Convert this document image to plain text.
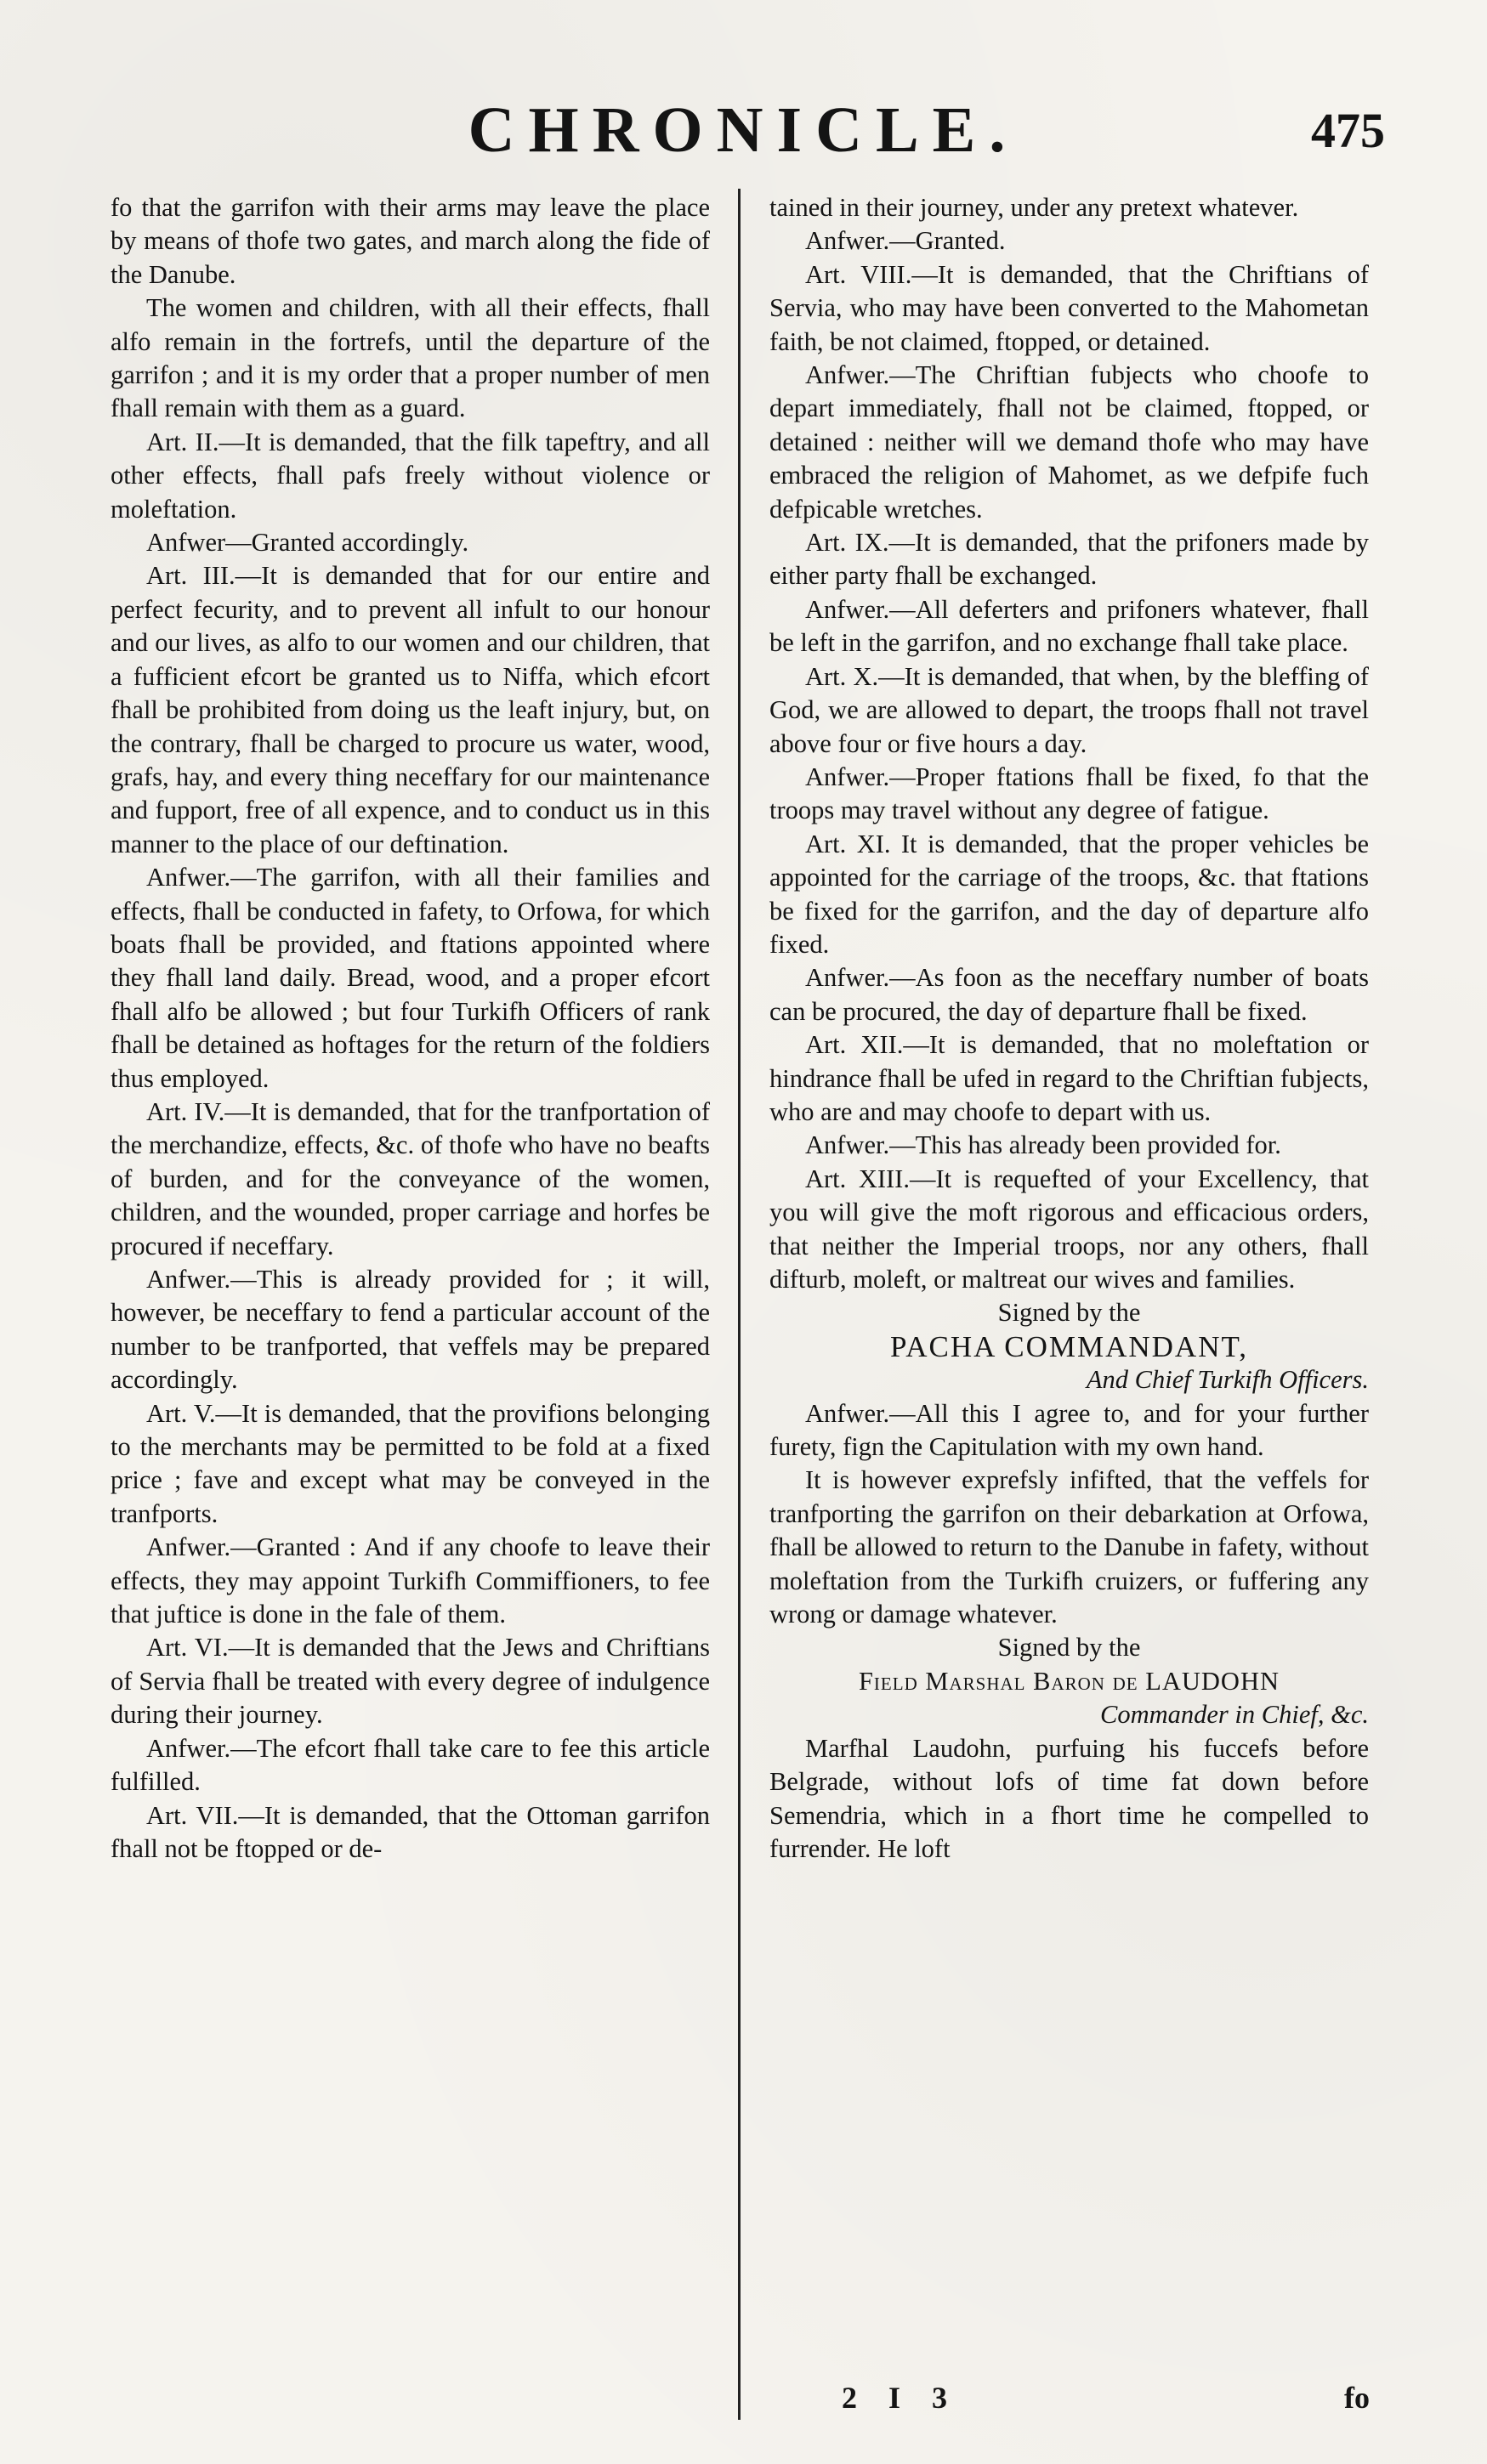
CHRONICLE.	475

fo that the garrifon with their arms may leave the place by means of thofe two gates, and march along the fide of the Danube.

The women and children, with all their effects, fhall alfo remain in the fortrefs, until the departure of the garrifon ; and it is my order that a proper number of men fhall remain with them as a guard.

Art. II.—It is demanded, that the filk tapeftry, and all other effects, fhall pafs freely without violence or moleftation.

Anfwer—Granted accordingly.

Art. III.—It is demanded that for our entire and perfect fecurity, and to prevent all infult to our honour and our lives, as alfo to our women and our children, that a fufficient efcort be granted us to Niffa, which efcort fhall be prohibited from doing us the leaft injury, but, on the contrary, fhall be charged to procure us water, wood, grafs, hay, and every thing neceffary for our maintenance and fupport, free of all expence, and to conduct us in this manner to the place of our deftination.

Anfwer.—The garrifon, with all their families and effects, fhall be conducted in fafety, to Orfowa, for which boats fhall be provided, and ftations appointed where they fhall land daily. Bread, wood, and a proper efcort fhall alfo be allowed ; but four Turkifh Officers of rank fhall be detained as hoftages for the return of the foldiers thus employed.

Art. IV.—It is demanded, that for the tranfportation of the merchandize, effects, &c. of thofe who have no beafts of burden, and for the conveyance of the women, children, and the wounded, proper carriage and horfes be procured if neceffary.

Anfwer.—This is already provided for ; it will, however, be neceffary to fend a particular account of the number to be tranfported, that veffels may be prepared accordingly.

Art. V.—It is demanded, that the provifions belonging to the merchants may be permitted to be fold at a fixed price ; fave and except what may be conveyed in the tranfports.

Anfwer.—Granted : And if any choofe to leave their effects, they may appoint Turkifh Commiffioners, to fee that juftice is done in the fale of them.

Art. VI.—It is demanded that the Jews and Chriftians of Servia fhall be treated with every degree of indulgence during their journey.

Anfwer.—The efcort fhall take care to fee this article fulfilled.

Art. VII.—It is demanded, that the Ottoman garrifon fhall not be ftopped or de-

tained in their journey, under any pretext whatever.

Anfwer.—Granted.

Art. VIII.—It is demanded, that the Chriftians of Servia, who may have been converted to the Mahometan faith, be not claimed, ftopped, or detained.

Anfwer.—The Chriftian fubjects who choofe to depart immediately, fhall not be claimed, ftopped, or detained : neither will we demand thofe who may have embraced the religion of Mahomet, as we defpife fuch defpicable wretches.

Art. IX.—It is demanded, that the prifoners made by either party fhall be exchanged.

Anfwer.—All deferters and prifoners whatever, fhall be left in the garrifon, and no exchange fhall take place.

Art. X.—It is demanded, that when, by the bleffing of God, we are allowed to depart, the troops fhall not travel above four or five hours a day.

Anfwer.—Proper ftations fhall be fixed, fo that the troops may travel without any degree of fatigue.

Art. XI. It is demanded, that the proper vehicles be appointed for the carriage of the troops, &c. that ftations be fixed for the garrifon, and the day of departure alfo fixed.

Anfwer.—As foon as the neceffary number of boats can be procured, the day of departure fhall be fixed.

Art. XII.—It is demanded, that no moleftation or hindrance fhall be ufed in regard to the Chriftian fubjects, who are and may choofe to depart with us.

Anfwer.—This has already been provided for.

Art. XIII.—It is requefted of your Excellency, that you will give the moft rigorous and efficacious orders, that neither the Imperial troops, nor any others, fhall difturb, moleft, or maltreat our wives and families.

Signed by the

PACHA COMMANDANT,

And Chief Turkifh Officers.

Anfwer.—All this I agree to, and for your further furety, fign the Capitulation with my own hand.

It is however exprefsly infifted, that the veffels for tranfporting the garrifon on their debarkation at Orfowa, fhall be allowed to return to the Danube in fafety, without moleftation from the Turkifh cruizers, or fuffering any wrong or damage whatever.

Signed by the

Field Marshal Baron de LAUDOHN

Commander in Chief, &c.

Marfhal Laudohn, purfuing his fuccefs before Belgrade, without lofs of time fat down before Semendria, which in a fhort time he compelled to furrender. He loft

2 I 3	fo
